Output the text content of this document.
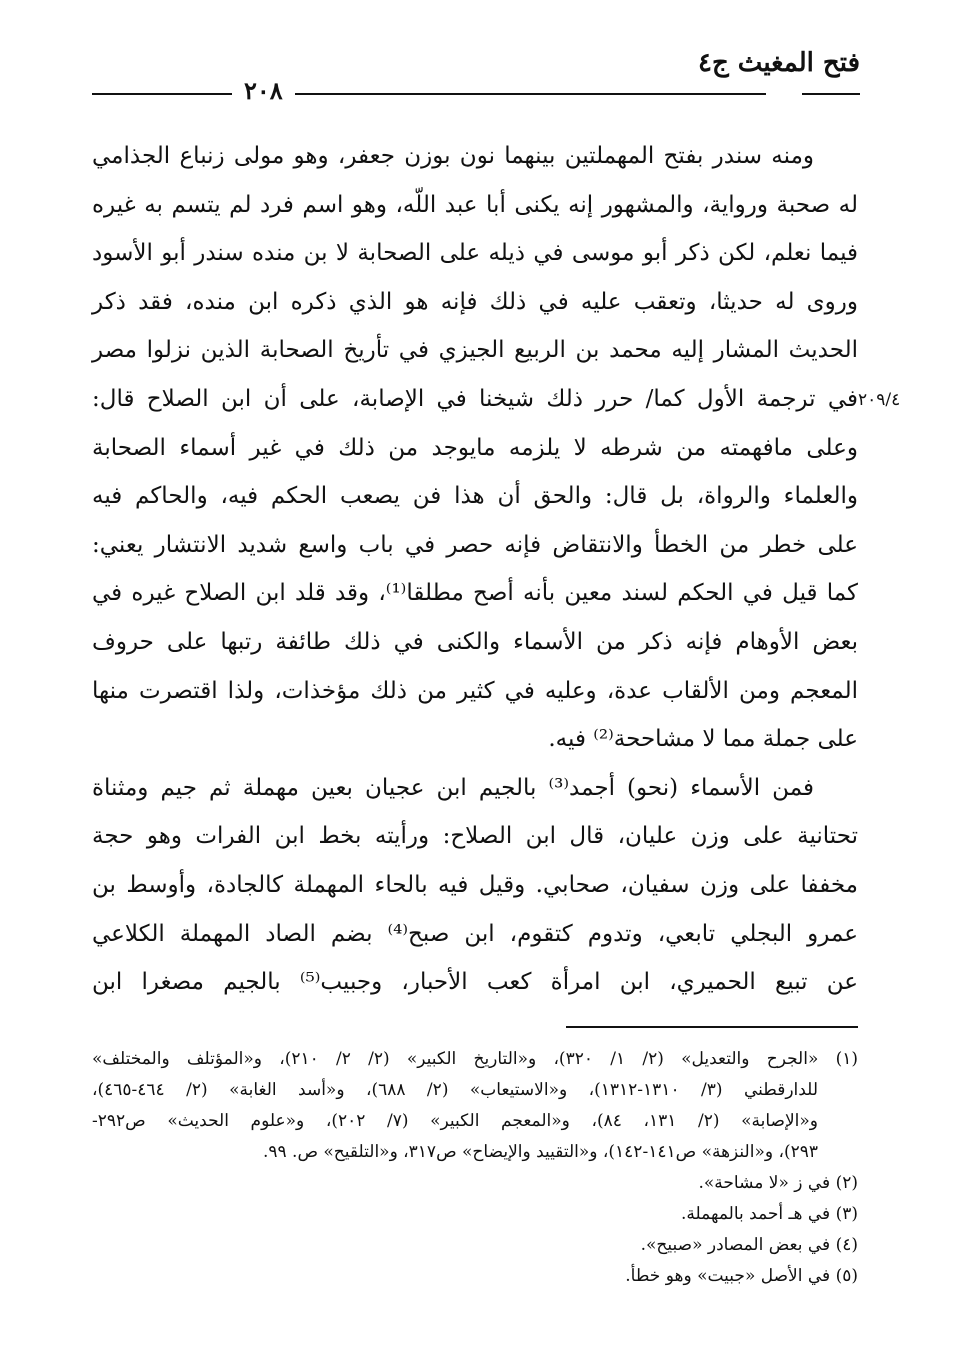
فتح المغيث ج٤
٢٠٨
٢٠٩/٤
ومنه سندر بفتح المهملتين بينهما نون بوزن جعفر، وهو مولى زنباع الجذامي
له صحبة ورواية، والمشهور إنه يكنى أبا عبد اللّه، وهو اسم فرد لم يتسم به غيره
فيما نعلم، لكن ذكر أبو موسى في ذيله على الصحابة لا بن منده سندر أبو الأسود
وروى له حديثا، وتعقب عليه في ذلك فإنه هو الذي ذكره ابن منده، فقد ذكر
الحديث المشار إليه محمد بن الربيع الجيزي في تأريخ الصحابة الذين نزلوا مصر
في ترجمة الأول كما/ حرر ذلك شيخنا في الإصابة، على أن ابن الصلاح قال:
وعلى مافهمته من شرطه لا يلزمه مايوجد من ذلك في غير أسماء الصحابة
والعلماء والرواة، بل قال: والحق أن هذا فن يصعب الحكم فيه، والحاكم فيه
على خطر من الخطأ والانتقاض فإنه حصر في باب واسع شديد الانتشار يعني:
كما قيل في الحكم لسند معين بأنه أصح مطلقا⁽¹⁾، وقد قلد ابن الصلاح غيره في
بعض الأوهام فإنه ذكر من الأسماء والكنى في ذلك طائفة رتبها على حروف
المعجم ومن الألقاب عدة، وعليه في كثير من ذلك مؤخذات، ولذا اقتصرت منها
على جملة مما لا مشاححة⁽²⁾ فيه.
فمن الأسماء (نحو) أجمد⁽³⁾ بالجيم ابن عجيان بعين مهملة ثم جيم ومثناة
تحتانية على وزن عليان، قال ابن الصلاح: ورأيته بخط ابن الفرات وهو حجة
مخففا على وزن سفيان، صحابي. وقيل فيه بالحاء المهملة كالجادة، وأوسط بن
عمرو البجلي تابعي، وتدوم كتقوم، ابن صبح⁽⁴⁾ بضم الصاد المهملة الكلاعي
عن تبيع الحميري، ابن امرأة كعب الأحبار، وجبيب⁽⁵⁾ بالجيم مصغرا ابن
(١) «الجرح والتعديل» (٢/ ١/ ٣٢٠)، و«التاريخ الكبير» (٢/ ٢/ ٢١٠)، و«المؤتلف والمختلف»
للدارقطني (٣/ ١٣١٠-١٣١٢)، و«الاستيعاب» (٢/ ٦٨٨)، و«أسد الغابة» (٢/ ٤٦٤-٤٦٥)،
و«الإصابة» (٢/ ١٣١، ٨٤)، و«المعجم الكبير» (٧/ ٢٠٢)، و«علوم الحديث» ص٢٩٢-
٢٩٣)، و«النزهة» ص١٤١-١٤٢)، و«التقييد والإيضاح» ص٣١٧، و«التلقيح» ص. ٩٩.
(٢) في ز «لا مشاحة».
(٣) في هـ أحمد بالمهملة.
(٤) في بعض المصادر «صبيح».
(٥) في الأصل «جبيت» وهو خطأ.
